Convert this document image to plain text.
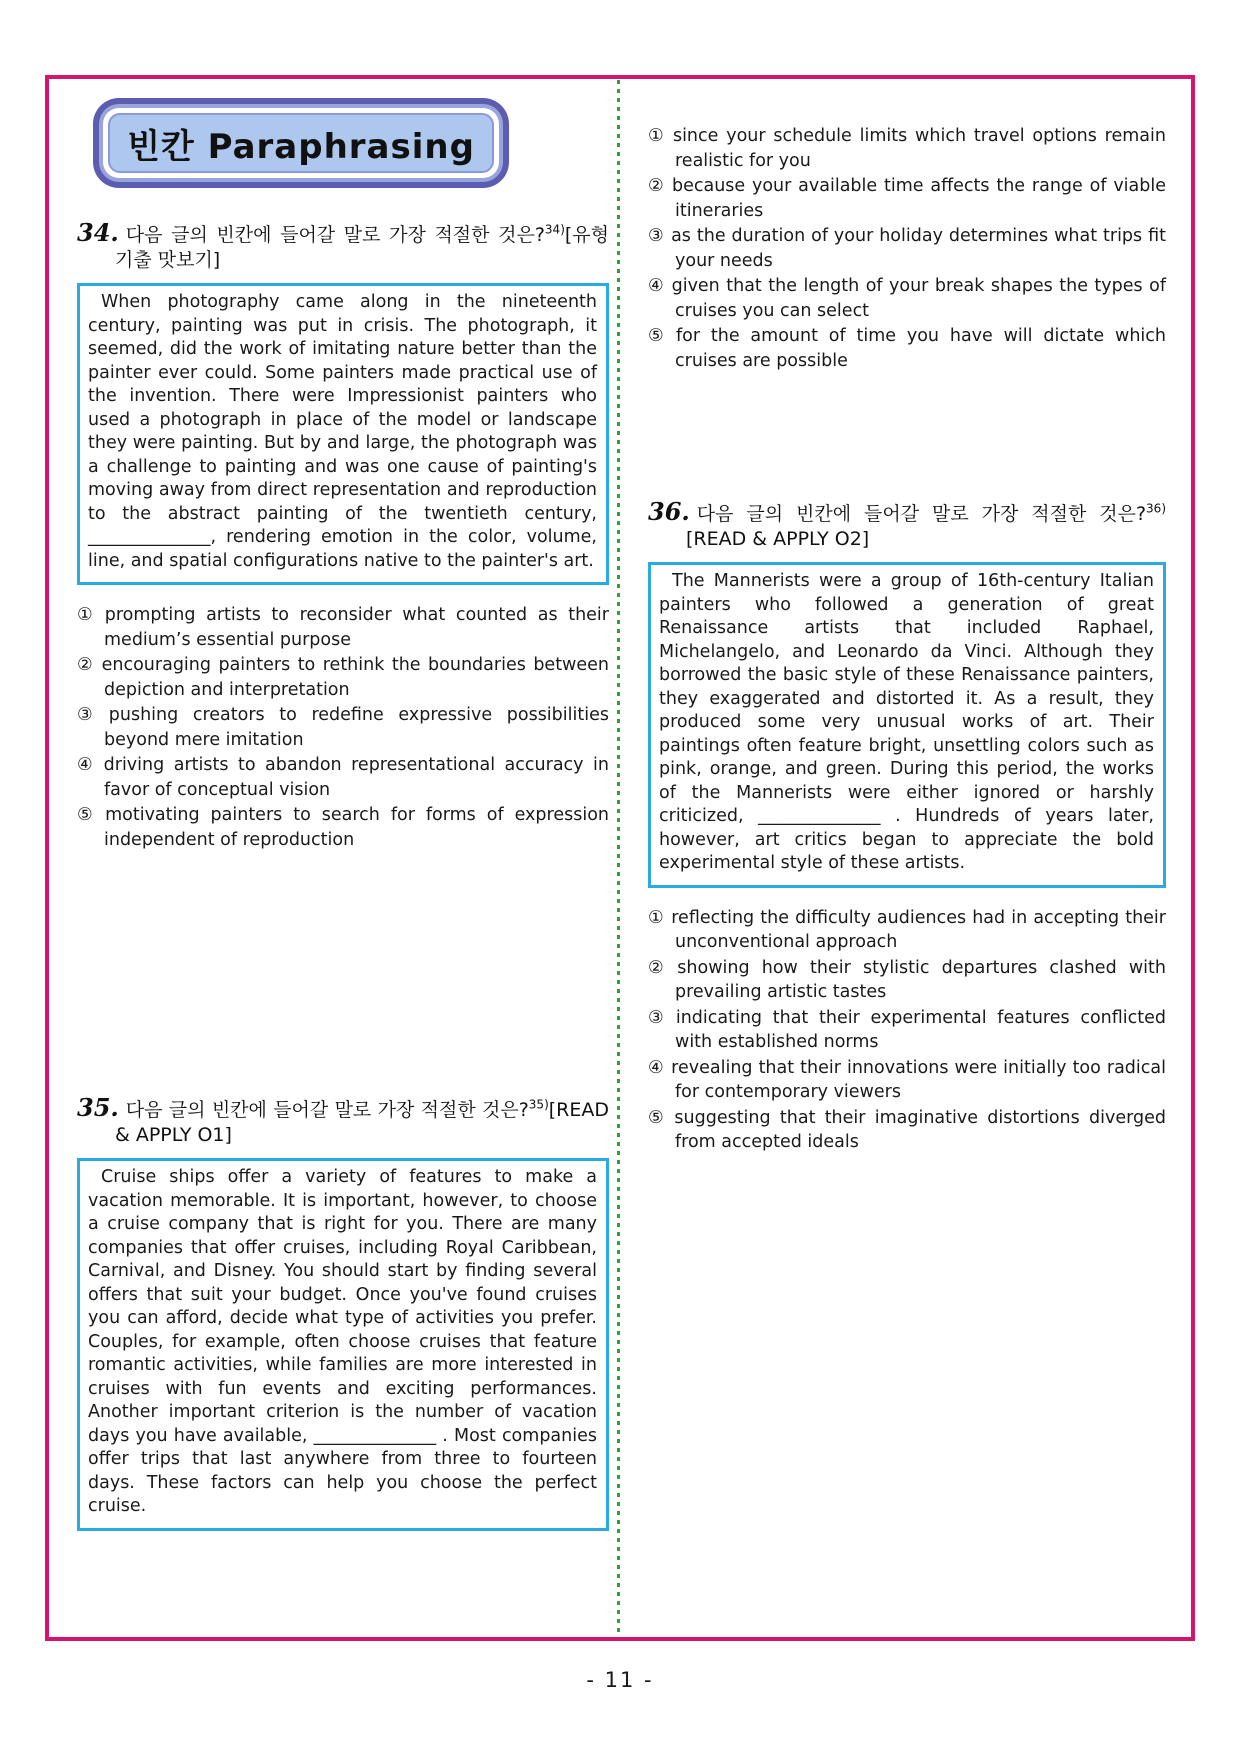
빈칸 Paraphrasing
34. 다음 글의 빈칸에 들어갈 말로 가장 적절한 것은?$^{34)}$[유형 기출 맛보기]

When photography came along in the nineteenth century, painting was put in crisis. The photograph, it seemed, did the work of imitating nature better than the painter ever could. Some painters made practical use of the invention. There were Impressionist painters who used a photograph in place of the model or landscape they were painting. But by and large, the photograph was a challenge to painting and was one cause of painting's moving away from direct representation and reproduction to the abstract painting of the twentieth century, ______________, rendering emotion in the color, volume, line, and spatial configurations native to the painter's art.

① prompting artists to reconsider what counted as their medium’s essential purpose
② encouraging painters to rethink the boundaries between depiction and interpretation
③ pushing creators to redefine expressive possibilities beyond mere imitation
④ driving artists to abandon representational accuracy in favor of conceptual vision
⑤ motivating painters to search for forms of expression independent of reproduction
35. 다음 글의 빈칸에 들어갈 말로 가장 적절한 것은?$^{35)}$[READ & APPLY O1]

Cruise ships offer a variety of features to make a vacation memorable. It is important, however, to choose a cruise company that is right for you. There are many companies that offer cruises, including Royal Caribbean, Carnival, and Disney. You should start by finding several offers that suit your budget. Once you've found cruises you can afford, decide what type of activities you prefer. Couples, for example, often choose cruises that feature romantic activities, while families are more interested in cruises with fun events and exciting performances. Another important criterion is the number of vacation days you have available, ______________ . Most companies offer trips that last anywhere from three to fourteen days. These factors can help you choose the perfect cruise.

① since your schedule limits which travel options remain realistic for you
② because your available time affects the range of viable itineraries
③ as the duration of your holiday determines what trips fit your needs
④ given that the length of your break shapes the types of cruises you can select
⑤ for the amount of time you have will dictate which cruises are possible
36. 다음 글의 빈칸에 들어갈 말로 가장 적절한 것은?$^{36)}$[READ & APPLY O2]

The Mannerists were a group of 16th-century Italian painters who followed a generation of great Renaissance artists that included Raphael, Michelangelo, and Leonardo da Vinci. Although they borrowed the basic style of these Renaissance painters, they exaggerated and distorted it. As a result, they produced some very unusual works of art. Their paintings often feature bright, unsettling colors such as pink, orange, and green. During this period, the works of the Mannerists were either ignored or harshly criticized, ______________ . Hundreds of years later, however, art critics began to appreciate the bold experimental style of these artists.

① reflecting the difficulty audiences had in accepting their unconventional approach
② showing how their stylistic departures clashed with prevailing artistic tastes
③ indicating that their experimental features conflicted with established norms
④ revealing that their innovations were initially too radical for contemporary viewers
⑤ suggesting that their imaginative distortions diverged from accepted ideals
- 11 -
